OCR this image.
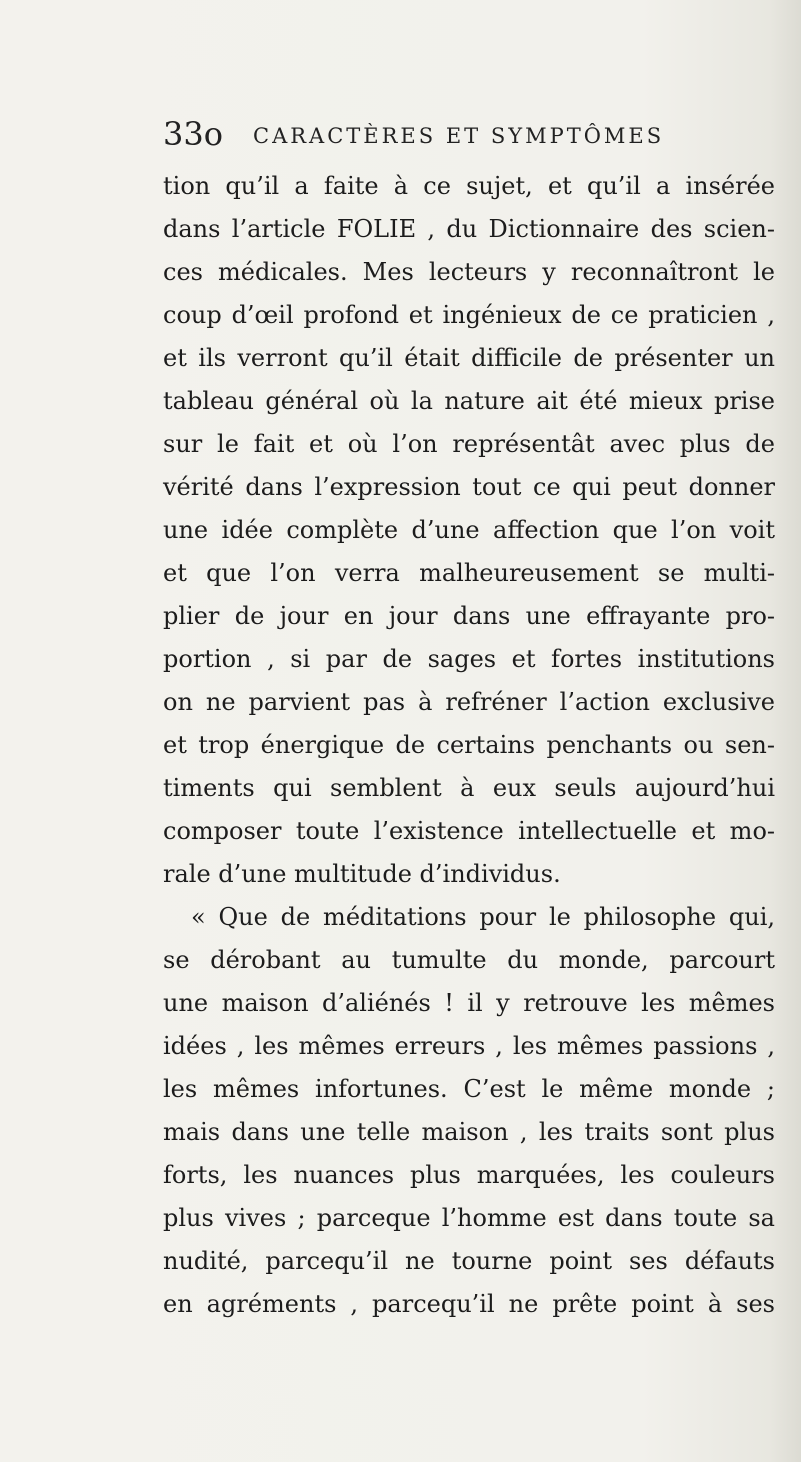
33o CARACTÈRES ET SYMPTÔMES
tion qu’il a faite à ce sujet, et qu’il a insérée
dans l’article FOLIE , du Dictionnaire des scien-
ces médicales. Mes lecteurs y reconnaîtront le
coup d’œil profond et ingénieux de ce praticien ,
et ils verront qu’il était difficile de présenter un
tableau général où la nature ait été mieux prise
sur le fait et où l’on représentât avec plus de
vérité dans l’expression tout ce qui peut donner
une idée complète d’une affection que l’on voit
et que l’on verra malheureusement se multi-
plier de jour en jour dans une effrayante pro-
portion , si par de sages et fortes institutions
on ne parvient pas à refréner l’action exclusive
et trop énergique de certains penchants ou sen-
timents qui semblent à eux seuls aujourd’hui
composer toute l’existence intellectuelle et mo-
rale d’une multitude d’individus.
« Que de méditations pour le philosophe qui,
se dérobant au tumulte du monde, parcourt
une maison d’aliénés ! il y retrouve les mêmes
idées , les mêmes erreurs , les mêmes passions ,
les mêmes infortunes. C’est le même monde ;
mais dans une telle maison , les traits sont plus
forts, les nuances plus marquées, les couleurs
plus vives ; parceque l’homme est dans toute sa
nudité, parcequ’il ne tourne point ses défauts
en agréments , parcequ’il ne prête point à ses
